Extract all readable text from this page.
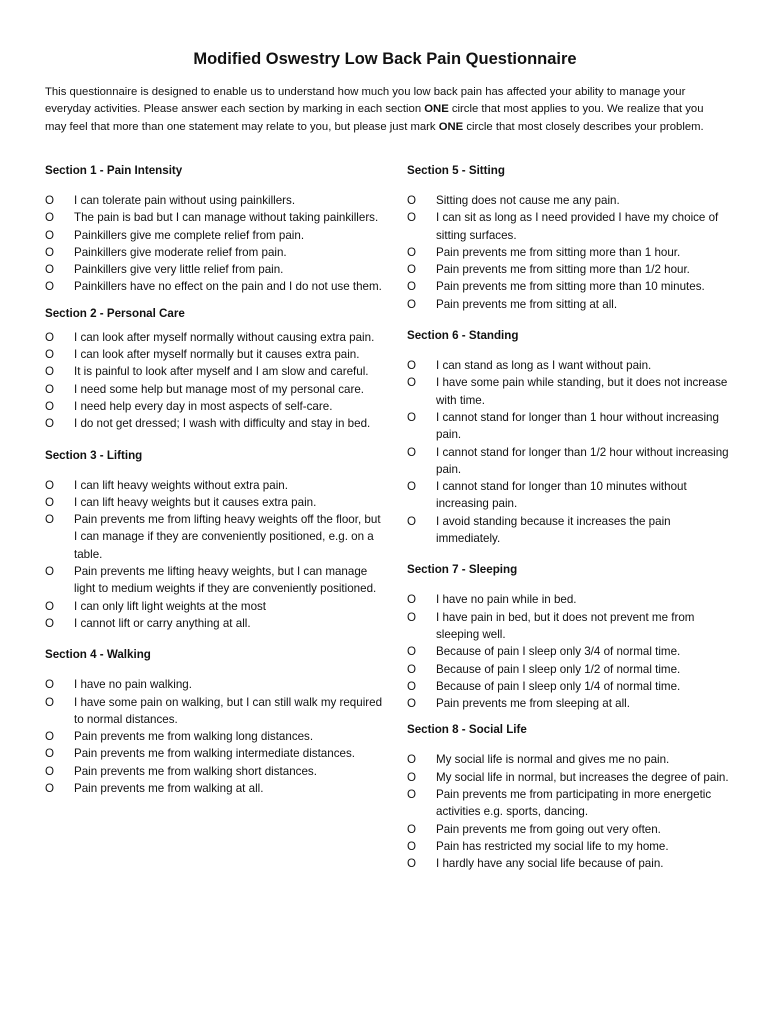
Modified Oswestry Low Back Pain Questionnaire

This questionnaire is designed to enable us to understand how much you low back pain has affected your ability to manage your everyday activities. Please answer each section by marking in each section ONE circle that most applies to you. We realize that you may feel that more than one statement may relate to you, but please just mark ONE circle that most closely describes your problem.

Section 1 - Pain Intensity
O I can tolerate pain without using painkillers.
O The pain is bad but I can manage without taking painkillers.
O Painkillers give me complete relief from pain.
O Painkillers give moderate relief from pain.
O Painkillers give very little relief from pain.
O Painkillers have no effect on the pain and I do not use them.
Section 2 - Personal Care
O I can look after myself normally without causing extra pain.
O I can look after myself normally but it causes extra pain.
O It is painful to look after myself and I am slow and careful.
O I need some help but manage most of my personal care.
O I need help every day in most aspects of self-care.
O I do not get dressed; I wash with difficulty and stay in bed.
Section 3 - Lifting
O I can lift heavy weights without extra pain.
O I can lift heavy weights but it causes extra pain.
O Pain prevents me from lifting heavy weights off the floor, but I can manage if they are conveniently positioned, e.g. on a table.
O Pain prevents me lifting heavy weights, but I can manage light to medium weights if they are conveniently positioned.
O I can only lift light weights at the most
O I cannot lift or carry anything at all.
Section 4 - Walking
O I have no pain walking.
O I have some pain on walking, but I can still walk my required to normal distances.
O Pain prevents me from walking long distances.
O Pain prevents me from walking intermediate distances.
O Pain prevents me from walking short distances.
O Pain prevents me from walking at all.
Section 5 - Sitting
O Sitting does not cause me any pain.
O I can sit as long as I need provided I have my choice of sitting surfaces.
O Pain prevents me from sitting more than 1 hour.
O Pain prevents me from sitting more than 1/2 hour.
O Pain prevents me from sitting more than 10 minutes.
O Pain prevents me from sitting at all.
Section 6 - Standing
O I can stand as long as I want without pain.
O I have some pain while standing, but it does not increase with time.
O I cannot stand for longer than 1 hour without increasing pain.
O I cannot stand for longer than 1/2 hour without increasing pain.
O I cannot stand for longer than 10 minutes without increasing pain.
O I avoid standing because it increases the pain immediately.
Section 7 - Sleeping
O I have no pain while in bed.
O I have pain in bed, but it does not prevent me from sleeping well.
O Because of pain I sleep only 3/4 of normal time.
O Because of pain I sleep only 1/2 of normal time.
O Because of pain I sleep only 1/4 of normal time.
O Pain prevents me from sleeping at all.
Section 8 - Social Life
O My social life is normal and gives me no pain.
O My social life in normal, but increases the degree of pain.
O Pain prevents me from participating in more energetic activities e.g. sports, dancing.
O Pain prevents me from going out very often.
O Pain has restricted my social life to my home.
O I hardly have any social life because of pain.
